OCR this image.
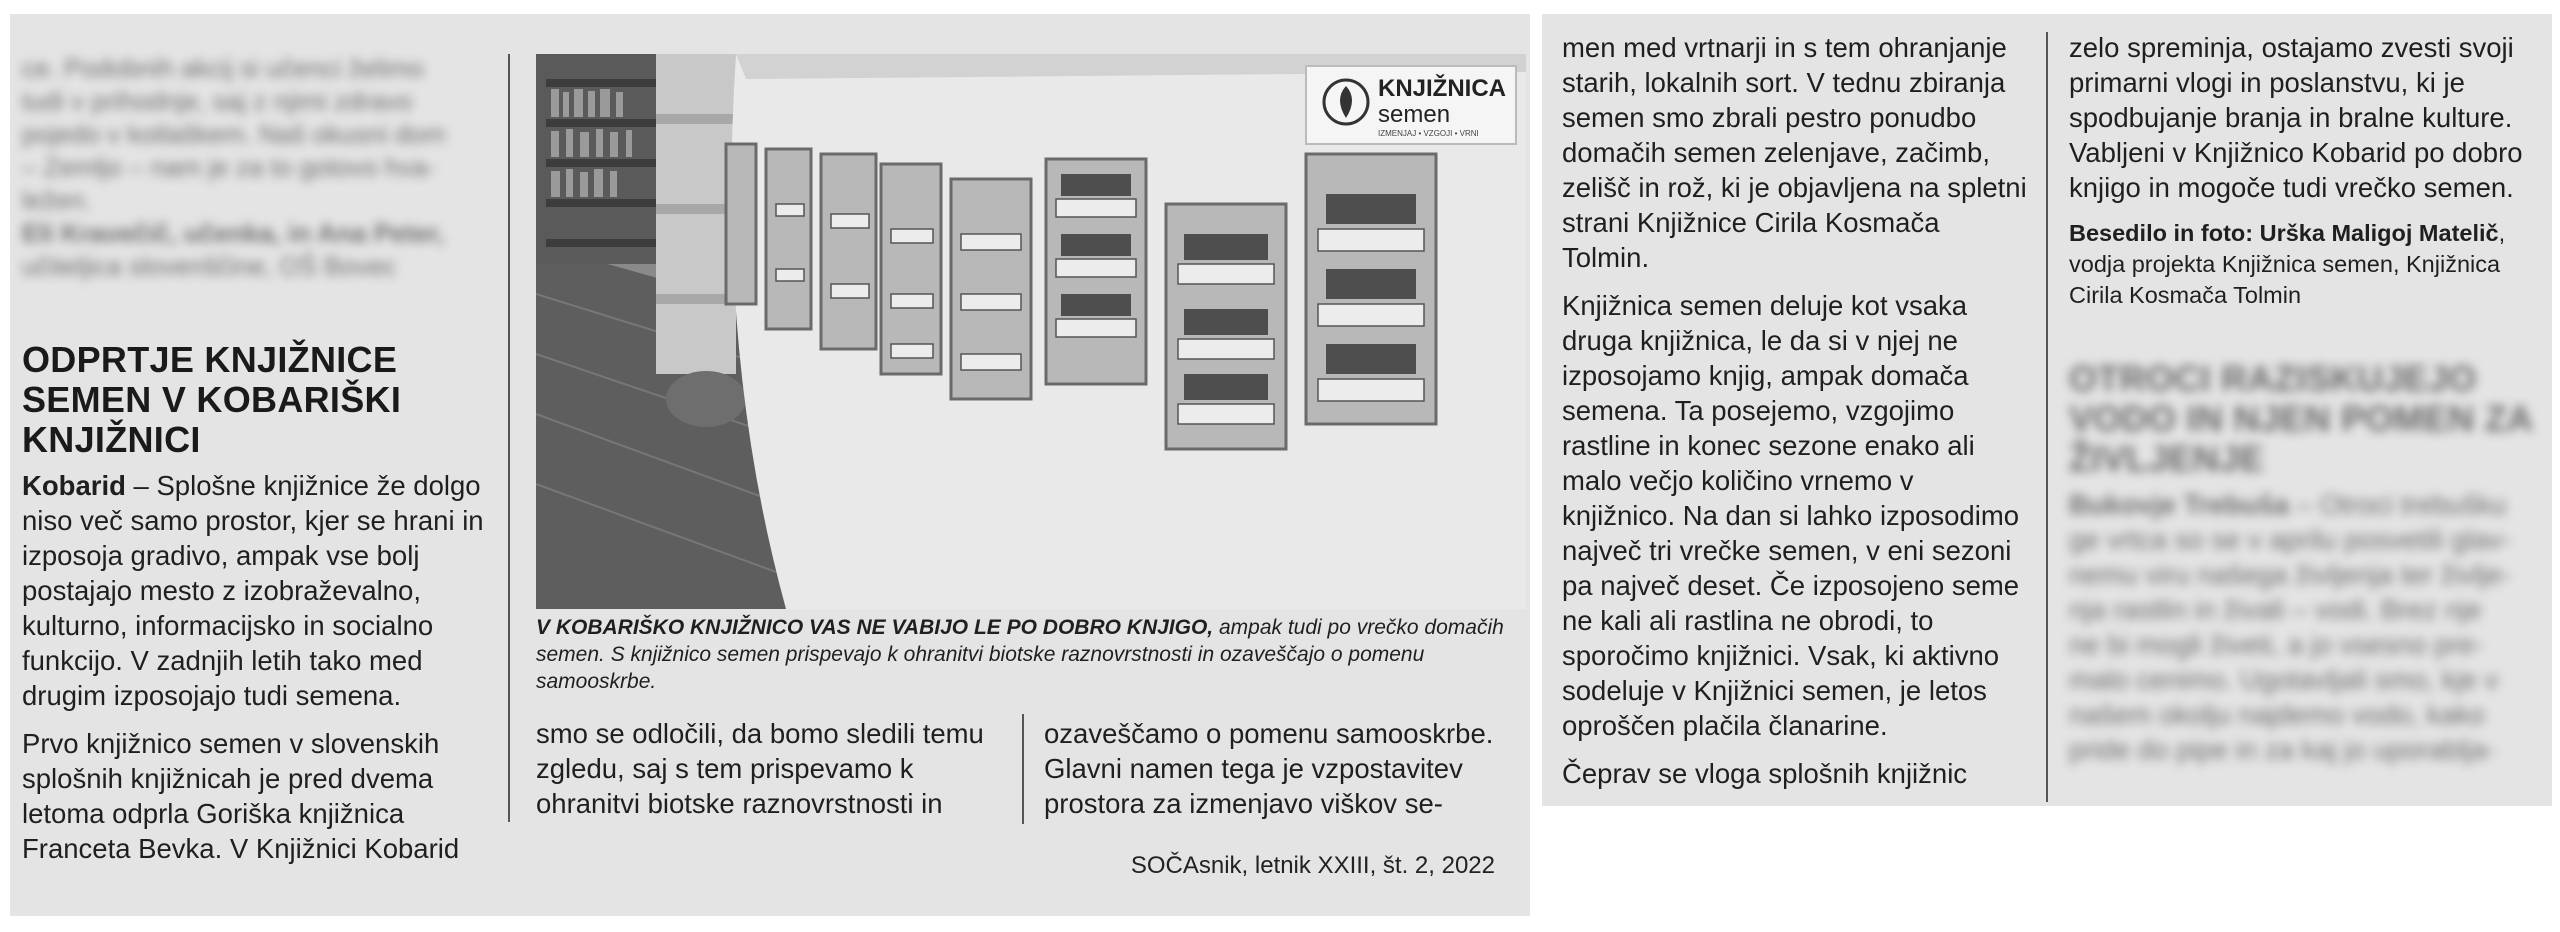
ce. Podobnih akcij si učenci želimo
tudi v prihodnje, saj z njimi zdravo
pojedo v kotlaškem. Naš okusni dom
– Zemljo – nam je za to gotovo hva-
ležen.
Eli Kravečič, učenka, in Ana Peter,
učiteljica slovenščine, OŠ Bovec
ODPRTJE KNJIŽNICE SEMEN V KOBARIŠKI KNJIŽNICI

Kobarid – Splošne knjižnice že dolgo niso več samo prostor, kjer se hrani in izposoja gradivo, ampak vse bolj postajajo mesto z izobraževalno, kulturno, informacijsko in socialno funkcijo. V zadnjih letih tako med drugim izposojajo tudi semena.

Prvo knjižnico semen v slovenskih splošnih knjižnicah je pred dvema letoma odprla Goriška knjižnica Franceta Bevka. V Knjižnici Kobarid

KNJIŽNICA
semen
IZMENJAJ • VZGOJI • VRNI
V KOBARIŠKO KNJIŽNICO VAS NE VABIJO LE PO DOBRO KNJIGO, ampak tudi po vrečko domačih semen. S knjižnico semen prispevajo k ohranitvi biotske raznovrstnosti in ozaveščajo o pomenu samooskrbe.

smo se odločili, da bomo sledili temu zgledu, saj s tem prispevamo k ohranitvi biotske raznovrstnosti in

ozaveščamo o pomenu samooskrbe. Glavni namen tega je vzpostavitev prostora za izmenjavo viškov se-

SOČAsnik, letnik XXIII, št. 2, 2022

men med vrtnarji in s tem ohranjanje starih, lokalnih sort. V tednu zbiranja semen smo zbrali pestro ponudbo domačih semen zelenjave, začimb, zelišč in rož, ki je objavljena na spletni strani Knjižnice Cirila Kosmača Tolmin.

Knjižnica semen deluje kot vsaka druga knjižnica, le da si v njej ne izposojamo knjig, ampak domača semena. Ta posejemo, vzgojimo rastline in konec sezone enako ali malo večjo količino vrnemo v knjižnico. Na dan si lahko izposodimo največ tri vrečke semen, v eni sezoni pa največ deset. Če izposojeno seme ne kali ali rastlina ne obrodi, to sporočimo knjižnici. Vsak, ki aktivno sodeluje v Knjižnici semen, je letos oproščen plačila članarine.

Čeprav se vloga splošnih knjižnic

zelo spreminja, ostajamo zvesti svoji primarni vlogi in poslanstvu, ki je spodbujanje branja in bralne kulture. Vabljeni v Knjižnico Kobarid po dobro knjigo in mogoče tudi vrečko semen.

Besedilo in foto: Urška Maligoj Matelič, vodja projekta Knjižnica semen, Knjižnica Cirila Kosmača Tolmin
OTROCI RAZISKUJEJO VODO IN NJEN POMEN ZA ŽIVLJENJE
Bukovje Trebuša – Otroci trebušku
ge vrtca so se v aprilu posvetili glav-
nemu viru našega življenja ter življe-
nja rastlin in živali – vodi. Brez nje
ne bi mogli živeti, a jo vsesno pre-
malo cenimo. Ugotavljali smo, kje v
našem okolju najdemo vodo, kako
pride do pipe in za kaj jo uporablja-
